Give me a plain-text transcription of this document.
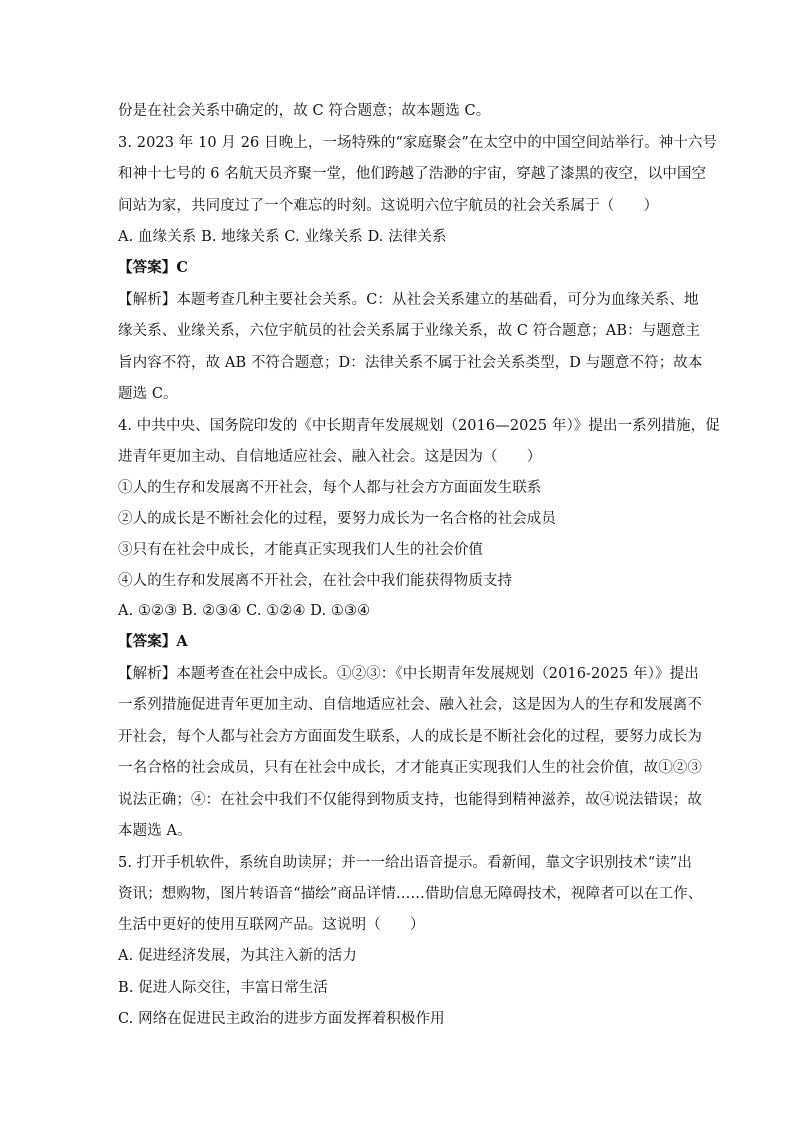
份是在社会关系中确定的，故 C 符合题意；故本题选 C。
3. 2023 年 10 月 26 日晚上，一场特殊的“家庭聚会”在太空中的中国空间站举行。神十六号
和神十七号的 6 名航天员齐聚一堂，他们跨越了浩渺的宇宙，穿越了漆黑的夜空，以中国空
间站为家，共同度过了一个难忘的时刻。这说明六位宇航员的社会关系属于（　　）
A. 血缘关系 B. 地缘关系 C. 业缘关系 D. 法律关系
【答案】C
【解析】本题考查几种主要社会关系。C：从社会关系建立的基础看，可分为血缘关系、地
缘关系、业缘关系，六位宇航员的社会关系属于业缘关系，故 C 符合题意；AB：与题意主
旨内容不符，故 AB 不符合题意；D：法律关系不属于社会关系类型，D 与题意不符；故本
题选 C。
4. 中共中央、国务院印发的《中长期青年发展规划（2016—2025 年）》提出一系列措施，促
进青年更加主动、自信地适应社会、融入社会。这是因为（　　）
①人的生存和发展离不开社会，每个人都与社会方方面面发生联系
②人的成长是不断社会化的过程，要努力成长为一名合格的社会成员
③只有在社会中成长，才能真正实现我们人生的社会价值
④人的生存和发展离不开社会，在社会中我们能获得物质支持
A. ①②③ B. ②③④ C. ①②④ D. ①③④
【答案】A
【解析】本题考查在社会中成长。①②③：《中长期青年发展规划（2016-2025 年）》提出
一系列措施促进青年更加主动、自信地适应社会、融入社会，这是因为人的生存和发展离不
开社会，每个人都与社会方方面面发生联系，人的成长是不断社会化的过程，要努力成长为
一名合格的社会成员，只有在社会中成长，才才能真正实现我们人生的社会价值，故①②③
说法正确；④：在社会中我们不仅能得到物质支持，也能得到精神滋养，故④说法错误；故
本题选 A。
5. 打开手机软件，系统自助读屏；并一一给出语音提示。看新闻，靠文字识别技术“读”出
资讯；想购物，图片转语音“描绘”商品详情……借助信息无障碍技术，视障者可以在工作、
生活中更好的使用互联网产品。这说明（　　）
A. 促进经济发展，为其注入新的活力
B. 促进人际交往，丰富日常生活
C. 网络在促进民主政治的进步方面发挥着积极作用
